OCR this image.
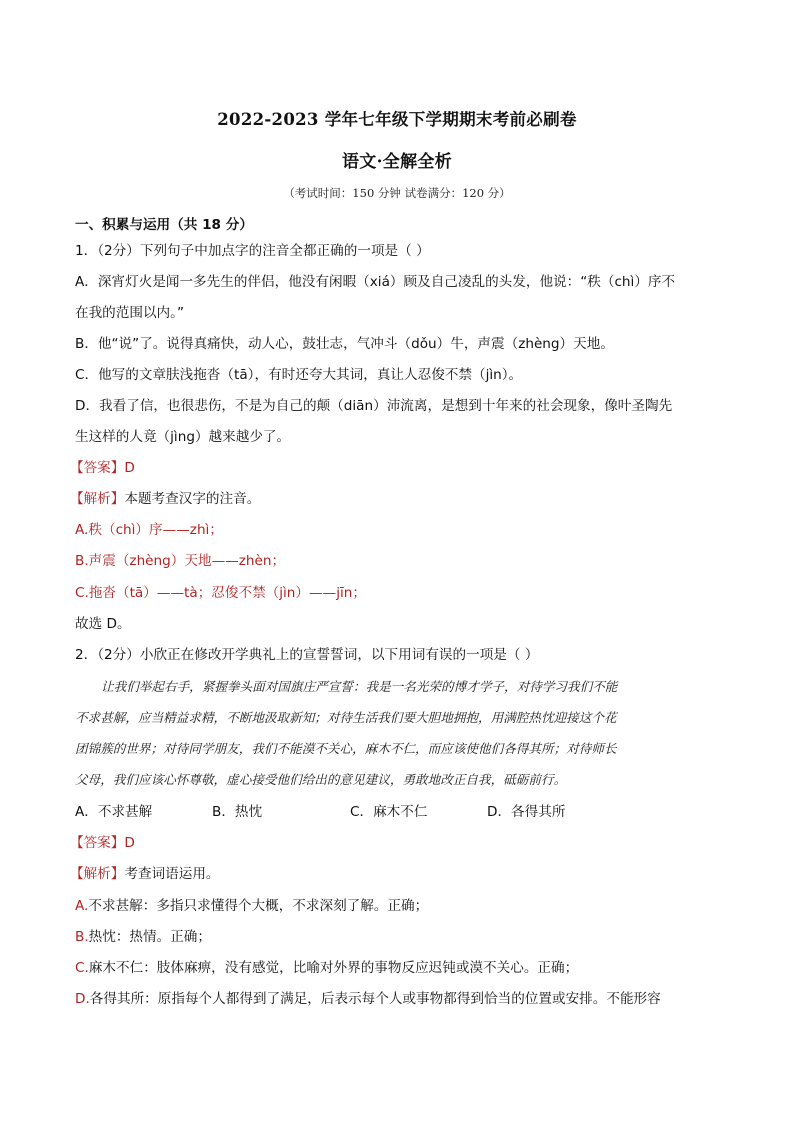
2022-2023 学年七年级下学期期末考前必刷卷
语文·全解全析
（考试时间：150 分钟 试卷满分：120 分）
一、积累与运用（共 18 分）
1．（2分）下列句子中加点字的注音全都正确的一项是（ ）
A．深宵灯火是闻一多先生的伴侣，他没有闲暇（xiá）顾及自己凌乱的头发，他说：“秩（chì）序不
在我的范围以内。”
B．他“说”了。说得真痛快，动人心，鼓壮志，气冲斗（dǒu）牛，声震（zhèng）天地。
C．他写的文章肤浅拖沓（tā），有时还夸大其词，真让人忍俊不禁（jìn）。
D．我看了信，也很悲伤，不是为自己的颠（diān）沛流离，是想到十年来的社会现象，像叶圣陶先
生这样的人竟（jìng）越来越少了。
【答案】D
【解析】本题考查汉字的注音。
A.秩（chì）序——zhì；
B.声震（zhèng）天地——zhèn；
C.拖沓（tā）——tà；忍俊不禁（jìn）——jīn；
故选 D。
2．（2分）小欣正在修改开学典礼上的宣誓誓词，以下用词有误的一项是（ ）
让我们举起右手，紧握拳头面对国旗庄严宣誓：我是一名光荣的博才学子，对待学习我们不能
不求甚解，应当精益求精，不断地汲取新知；对待生活我们要大胆地拥抱，用满腔热忱迎接这个花
团锦簇的世界；对待同学朋友，我们不能漠不关心，麻木不仁，而应该使他们各得其所；对待师长
父母，我们应该心怀尊敬，虚心接受他们给出的意见建议，勇敢地改正自我，砥砺前行。
A．不求甚解	B．热忱	C．麻木不仁	D．各得其所
【答案】D
【解析】考查词语运用。
A.不求甚解：多指只求懂得个大概，不求深刻了解。正确；
B.热忱：热情。正确；
C.麻木不仁：肢体麻痹，没有感觉，比喻对外界的事物反应迟钝或漠不关心。正确；
D.各得其所：原指每个人都得到了满足，后表示每个人或事物都得到恰当的位置或安排。不能形容
